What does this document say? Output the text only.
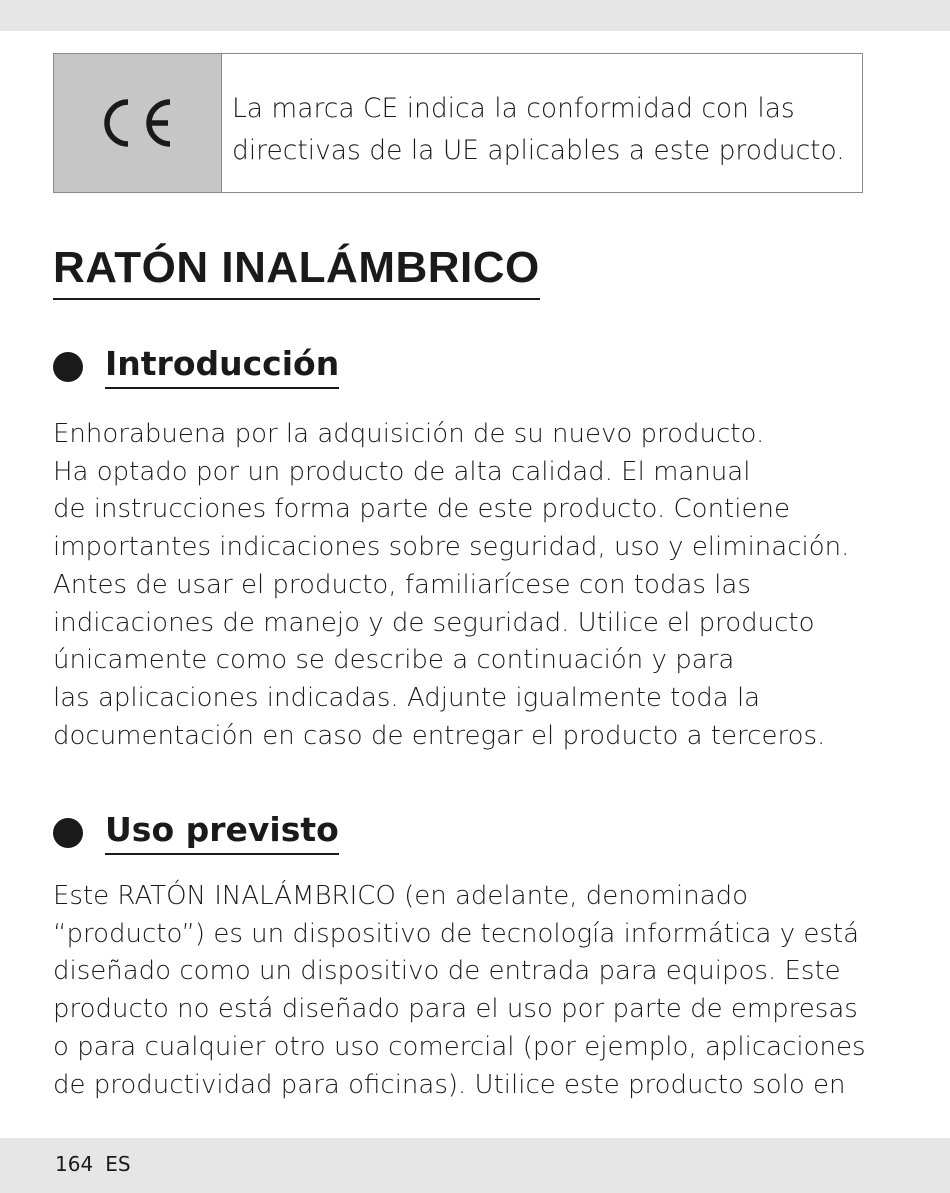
La marca CE indica la conformidad con las
directivas de la UE aplicables a este producto.
RATÓN INALÁMBRICO
Introducción
Enhorabuena por la adquisición de su nuevo producto.
Ha optado por un producto de alta calidad. El manual
de instrucciones forma parte de este producto. Contiene
importantes indicaciones sobre seguridad, uso y eliminación.
Antes de usar el producto, familiarícese con todas las
indicaciones de manejo y de seguridad. Utilice el producto
únicamente como se describe a continuación y para
las aplicaciones indicadas. Adjunte igualmente toda la
documentación en caso de entregar el producto a terceros.
Uso previsto
Este RATÓN INALÁMBRICO (en adelante, denominado
“producto”) es un dispositivo de tecnología informática y está
diseñado como un dispositivo de entrada para equipos. Este
producto no está diseñado para el uso por parte de empresas
o para cualquier otro uso comercial (por ejemplo, aplicaciones
de productividad para oficinas). Utilice este producto solo en
164 ES
